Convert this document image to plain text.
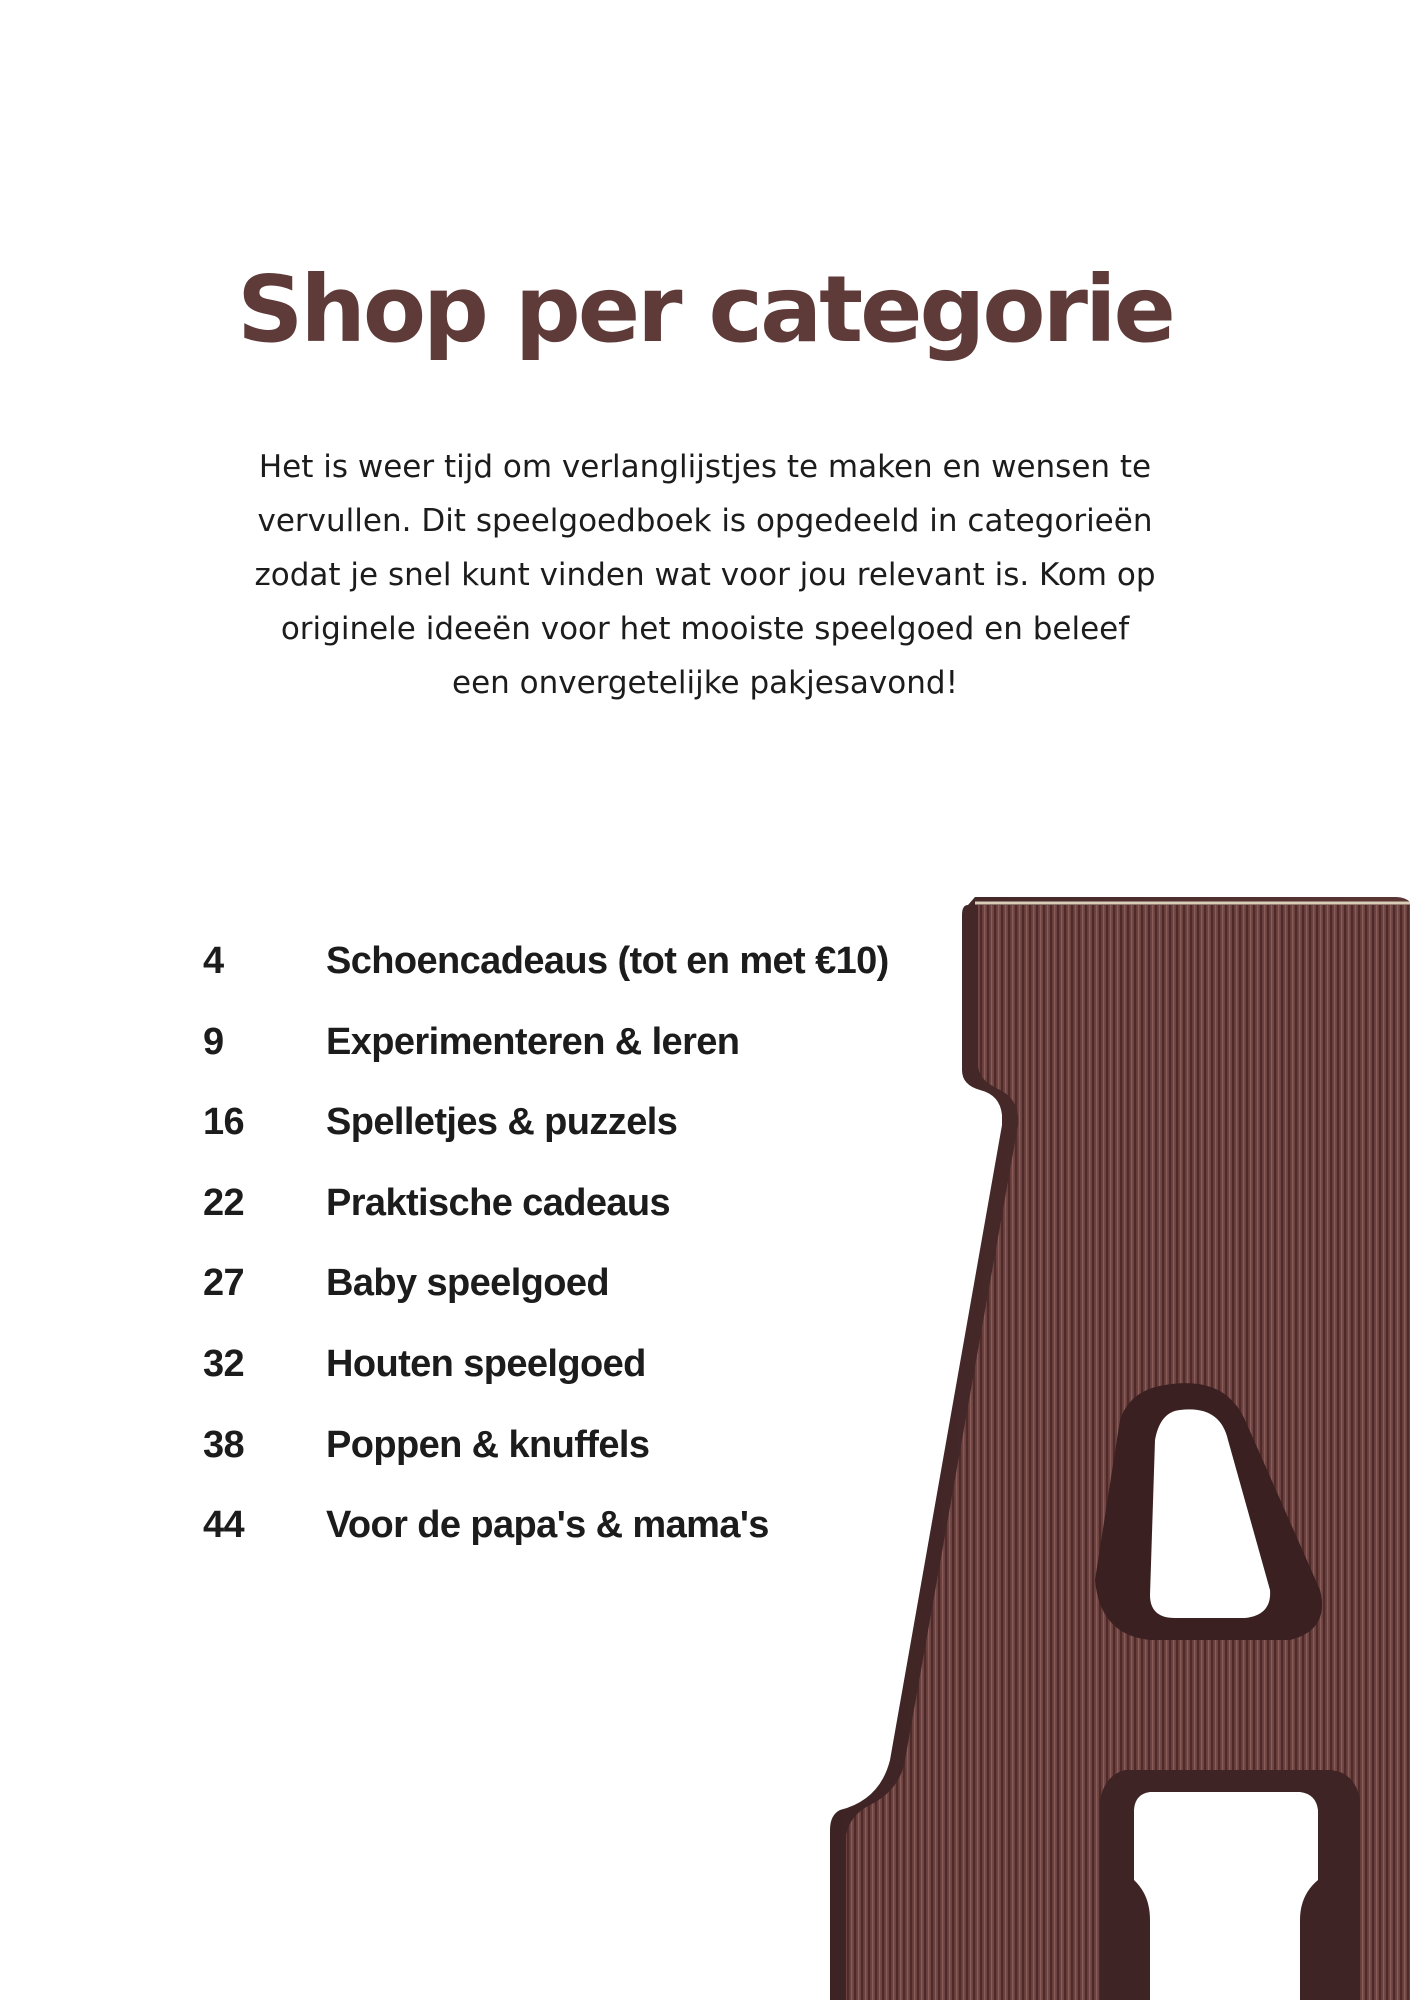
Shop per categorie
Het is weer tijd om verlanglijstjes te maken en wensen te
vervullen. Dit speelgoedboek is opgedeeld in categorieën
zodat je snel kunt vinden wat voor jou relevant is. Kom op
originele ideeën voor het mooiste speelgoed en beleef
een onvergetelijke pakjesavond!
4	Schoencadeaus (tot en met €10)
9	Experimenteren & leren
16	Spelletjes & puzzels
22	Praktische cadeaus
27	Baby speelgoed
32	Houten speelgoed
38	Poppen & knuffels
44	Voor de papa's & mama's
